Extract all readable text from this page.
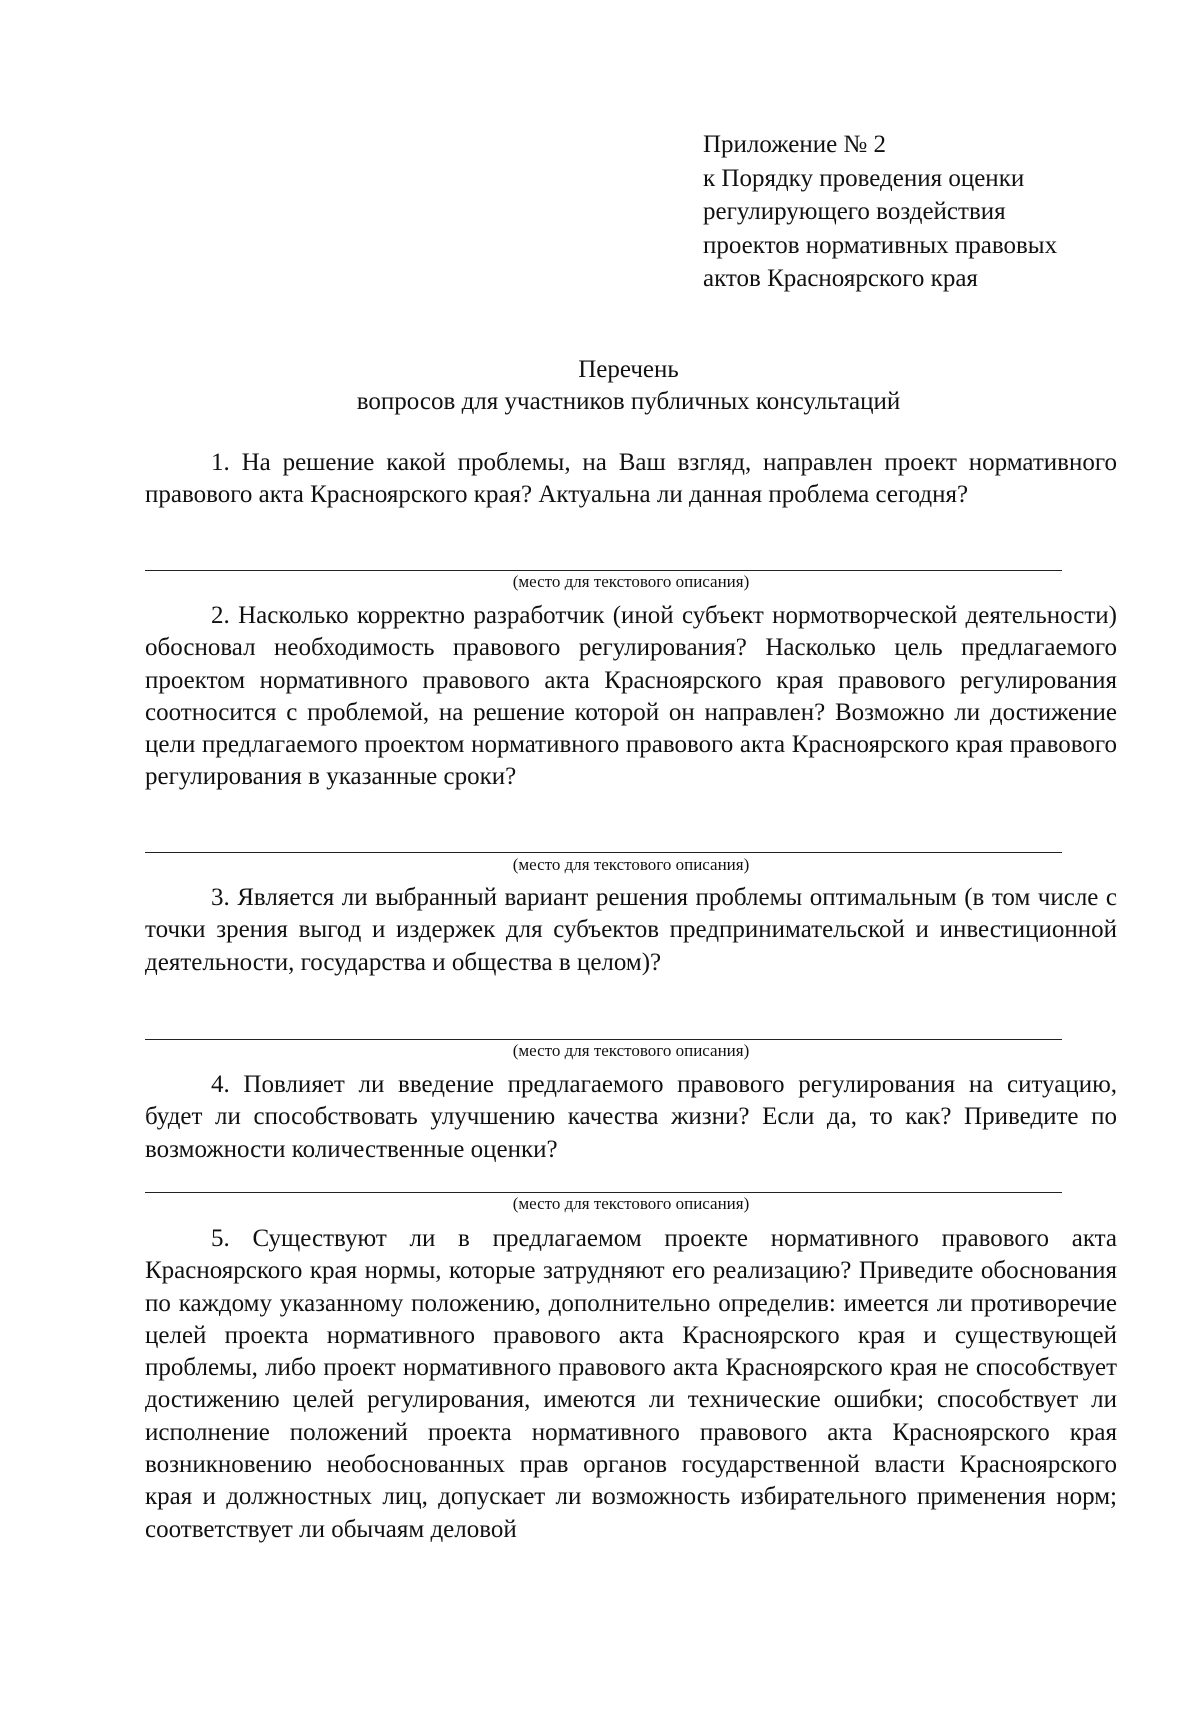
Приложение № 2
к Порядку проведения оценки
регулирующего воздействия
проектов нормативных правовых
актов Красноярского края
Перечень
вопросов для участников публичных консультаций

1. На решение какой проблемы, на Ваш взгляд, направлен проект нормативного правового акта Красноярского края? Актуальна ли данная проблема сегодня?

(место для текстового описания)

2. Насколько корректно разработчик (иной субъект нормотворческой деятельности) обосновал необходимость правового регулирования? Насколько цель предлагаемого проектом нормативного правового акта Красноярского края правового регулирования соотносится с проблемой, на решение которой он направлен? Возможно ли достижение цели предлагаемого проектом нормативного правового акта Красноярского края правового регулирования в указанные сроки?

(место для текстового описания)

3. Является ли выбранный вариант решения проблемы оптимальным (в том числе с точки зрения выгод и издержек для субъектов предпринимательской и инвестиционной деятельности, государства и общества в целом)?

(место для текстового описания)

4. Повлияет ли введение предлагаемого правового регулирования на ситуацию, будет ли способствовать улучшению качества жизни? Если да, то как? Приведите по возможности количественные оценки?

(место для текстового описания)

5. Существуют ли в предлагаемом проекте нормативного правового акта Красноярского края нормы, которые затрудняют его реализацию? Приведите обоснования по каждому указанному положению, дополнительно определив: имеется ли противоречие целей проекта нормативного правового акта Красноярского края и существующей проблемы, либо проект нормативного правового акта Красноярского края не способствует достижению целей регулирования, имеются ли технические ошибки; способствует ли исполнение положений проекта нормативного правового акта Красноярского края возникновению необоснованных прав органов государственной власти Красноярского края и должностных лиц, допускает ли возможность избирательного применения норм; соответствует ли обычаям деловой
